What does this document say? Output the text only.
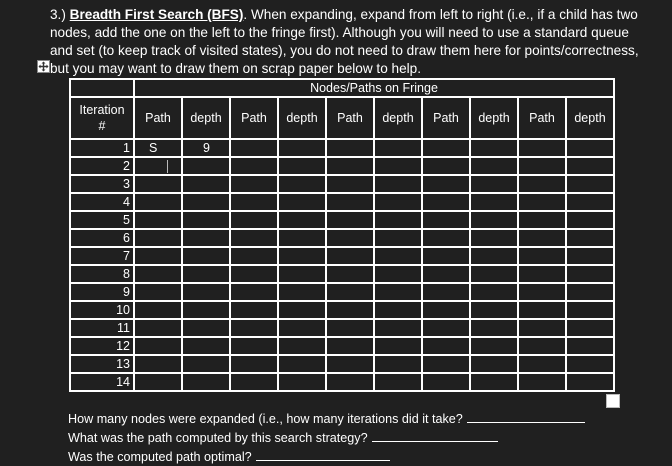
3.) Breadth First Search (BFS). When expanding, expand from left to right (i.e., if a child has two nodes, add the one on the left to the fringe first). Although you will need to use a standard queue and set (to keep track of visited states), you do not need to draw them here for points/correctness, but you may want to draw them on scrap paper below to help.
	Nodes/Paths on Fringe									
Iteration
#	Path	depth	Path	depth	Path	depth	Path	depth	Path	depth
1	S	9								
2										
3										
4										
5										
6										
7										
8										
9										
10										
11										
12										
13										
14										
How many nodes were expanded (i.e., how many iterations did it take?
What was the path computed by this search strategy?
Was the computed path optimal?
